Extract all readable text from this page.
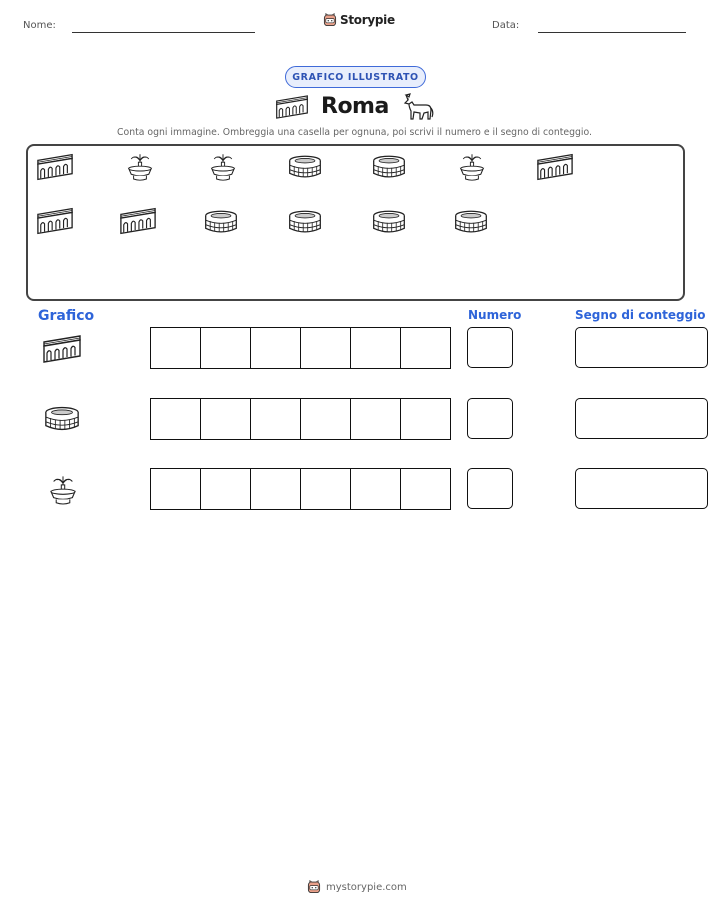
Nome:	Storypie	Data:
GRAFICO ILLUSTRATO
Roma
Conta ogni immagine. Ombreggia una casella per ognuna, poi scrivi il numero e il segno di conteggio.
Grafico	Numero	Segno di conteggio
mystorypie.com
